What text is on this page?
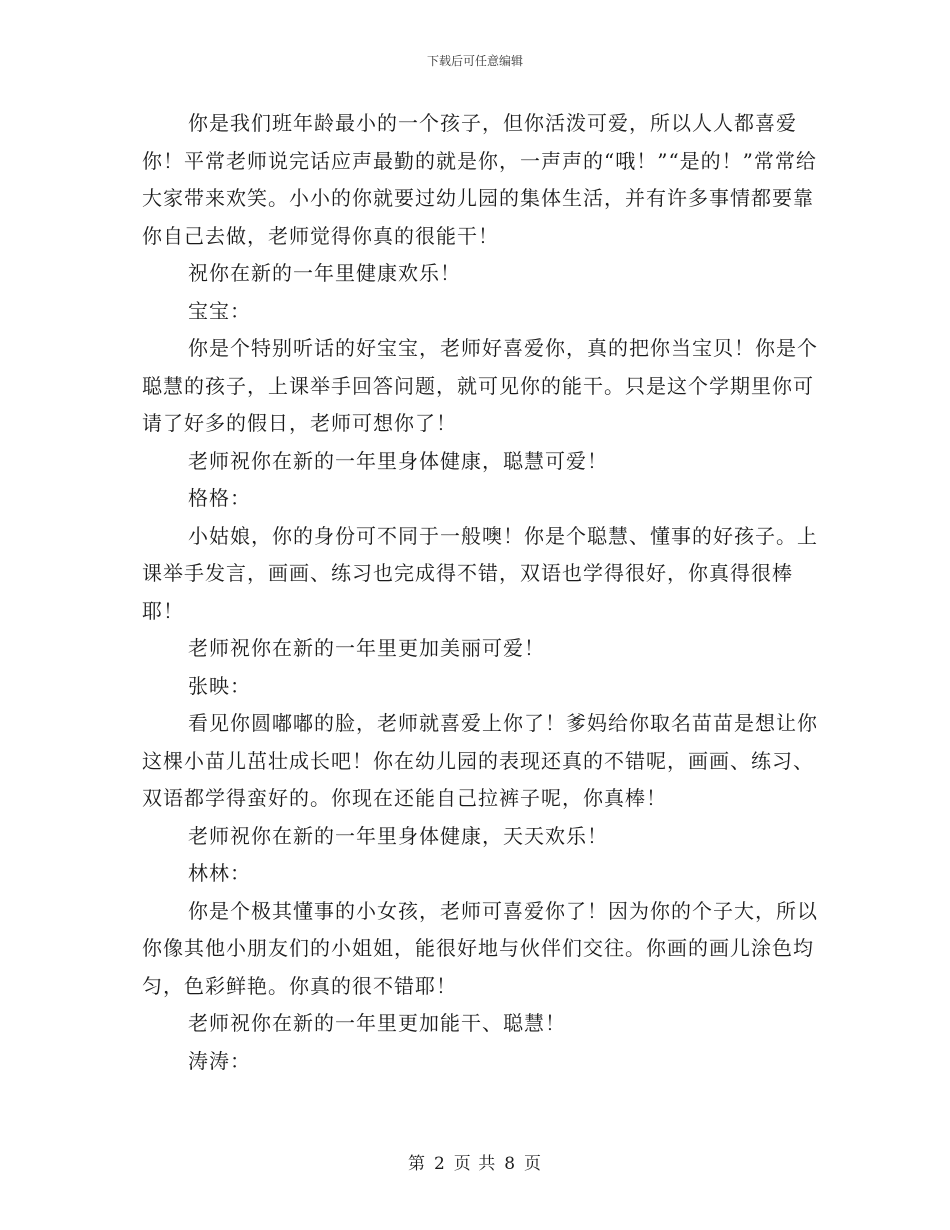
下载后可任意编辑

你是我们班年龄最小的一个孩子，但你活泼可爱，所以人人都喜爱你！平常老师说完话应声最勤的就是你，一声声的“哦！”“是的！”常常给大家带来欢笑。小小的你就要过幼儿园的集体生活，并有许多事情都要靠你自己去做，老师觉得你真的很能干！

祝你在新的一年里健康欢乐！

宝宝：

你是个特别听话的好宝宝，老师好喜爱你，真的把你当宝贝！你是个聪慧的孩子，上课举手回答问题，就可见你的能干。只是这个学期里你可请了好多的假日，老师可想你了！

老师祝你在新的一年里身体健康，聪慧可爱！

格格：

小姑娘，你的身份可不同于一般噢！你是个聪慧、懂事的好孩子。上课举手发言，画画、练习也完成得不错，双语也学得很好，你真得很棒耶！

老师祝你在新的一年里更加美丽可爱！

张映：

看见你圆嘟嘟的脸，老师就喜爱上你了！爹妈给你取名苗苗是想让你这棵小苗儿茁壮成长吧！你在幼儿园的表现还真的不错呢，画画、练习、双语都学得蛮好的。你现在还能自己拉裤子呢，你真棒！

老师祝你在新的一年里身体健康，天天欢乐！

林林：

你是个极其懂事的小女孩，老师可喜爱你了！因为你的个子大，所以你像其他小朋友们的小姐姐，能很好地与伙伴们交往。你画的画儿涂色均匀，色彩鲜艳。你真的很不错耶！

老师祝你在新的一年里更加能干、聪慧！

涛涛：

第 2 页 共 8 页
